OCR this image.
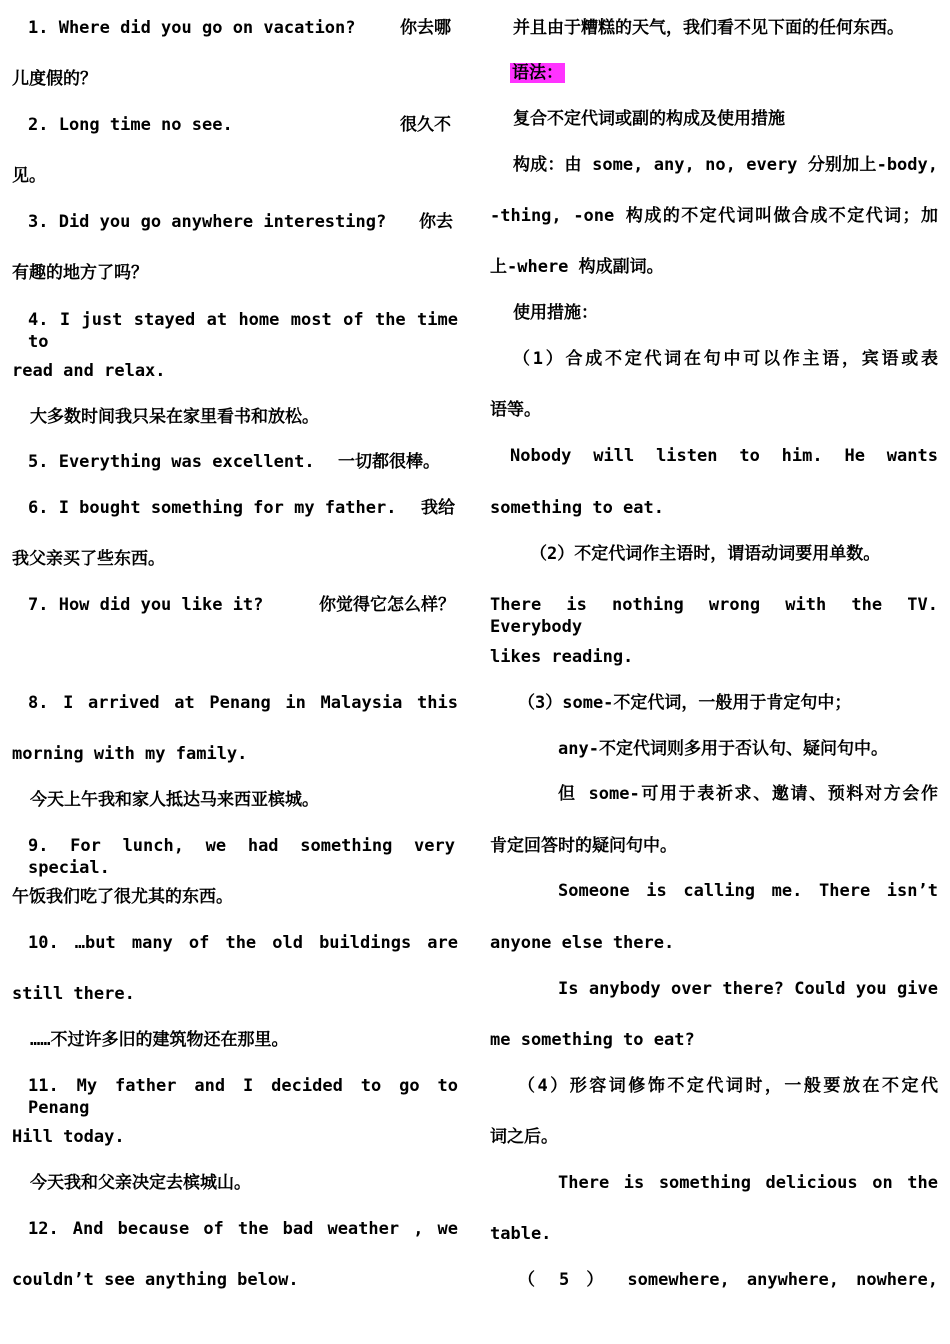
1. Where did you go on vacation?	你去哪
儿度假的？
2. Long time no see.	很久不
见。
3. Did you go anywhere interesting? 你去
有趣的地方了吗？
4. I just stayed at home most of the time to
read and relax.
大多数时间我只呆在家里看书和放松。
5. Everything was excellent. 一切都很棒。
6. I bought something for my father. 我给
我父亲买了些东西。
7. How did you like it?	你觉得它怎么样？
8. I arrived at Penang in Malaysia this
morning with my family.
今天上午我和家人抵达马来西亚槟城。
9. For lunch, we had something very special.
午饭我们吃了很尤其的东西。
10. …but many of the old buildings are
still there.
……不过许多旧的建筑物还在那里。
11. My father and I decided to go to Penang
Hill today.
今天我和父亲决定去槟城山。
12. And because of the bad weather , we
couldn’t see anything below.
并且由于糟糕的天气，我们看不见下面的任何东西。
语法：
复合不定代词或副的构成及使用措施
构成：由 some, any, no, every 分别加上-body,
-thing, -one 构成的不定代词叫做合成不定代词；加
上-where 构成副词。
使用措施：
（1）合成不定代词在句中可以作主语，宾语或表
语等。
Nobody will listen to him. He wants
something to eat.
（2）不定代词作主语时，谓语动词要用单数。
There is nothing wrong with the TV. Everybody
likes reading.
（3）some-不定代词，一般用于肯定句中；
any-不定代词则多用于否认句、疑问句中。
但 some-可用于表祈求、邀请、预料对方会作
肯定回答时的疑问句中。
Someone is calling me. There isn’t
anyone else there.
Is anybody over there? Could you give
me something to eat?
（4）形容词修饰不定代词时，一般要放在不定代
词之后。
There is something delicious on the
table.
（ 5 ） somewhere, anywhere, nowhere,
